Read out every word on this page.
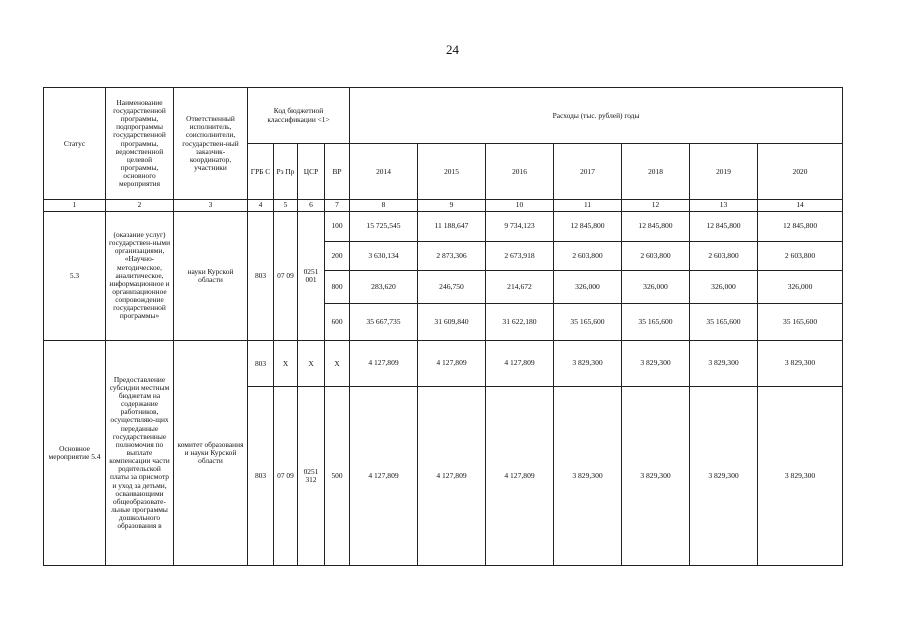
24
Статус	Наименование государственной программы, подпрограммы государственной программы, ведомственной целевой программы, основного мероприятия	Ответственный исполнитель, соисполнители, государствен-ный заказчик-координатор, участники	Код бюджетной классификации <1>				Расходы (тыс. рублей) годы						
			ГРБ С	Рз Пр	ЦСР	ВР	2014	2015	2016	2017	2018	2019	2020
1	2	3	4	5	6	7	8	9	10	11	12	13	14
5.3	(оказание услуг) государствен-ными организациями, «Научно-методическое, аналитическое, информационное и организационное сопровождение государственной программы»	науки Курской области	803	07 09	0251 001	100	15 725,545	11 188,647	9 734,123	12 845,800	12 845,800	12 845,800	12 845,800
						200	3 630,134	2 873,306	2 673,918	2 603,800	2 603,800	2 603,800	2 603,800
						800	283,620	246,750	214,672	326,000	326,000	326,000	326,000
						600	35 667,735	31 609,840	31 622,180	35 165,600	35 165,600	35 165,600	35 165,600
Основное мероприятие 5.4	Предоставление субсидии местным бюджетам на содержание работников, осуществляю-щих переданные государственные полномочия по выплате компенсации части родительской платы за присмотр и уход за детьми, осваивающими общеобразовате-льные программы дошкольного образования в	комитет образования и науки Курской области	803	X	X	X	4 127,809	4 127,809	4 127,809	3 829,300	3 829,300	3 829,300	3 829,300
			803	07 09	0251 312	500	4 127,809	4 127,809	4 127,809	3 829,300	3 829,300	3 829,300	3 829,300
